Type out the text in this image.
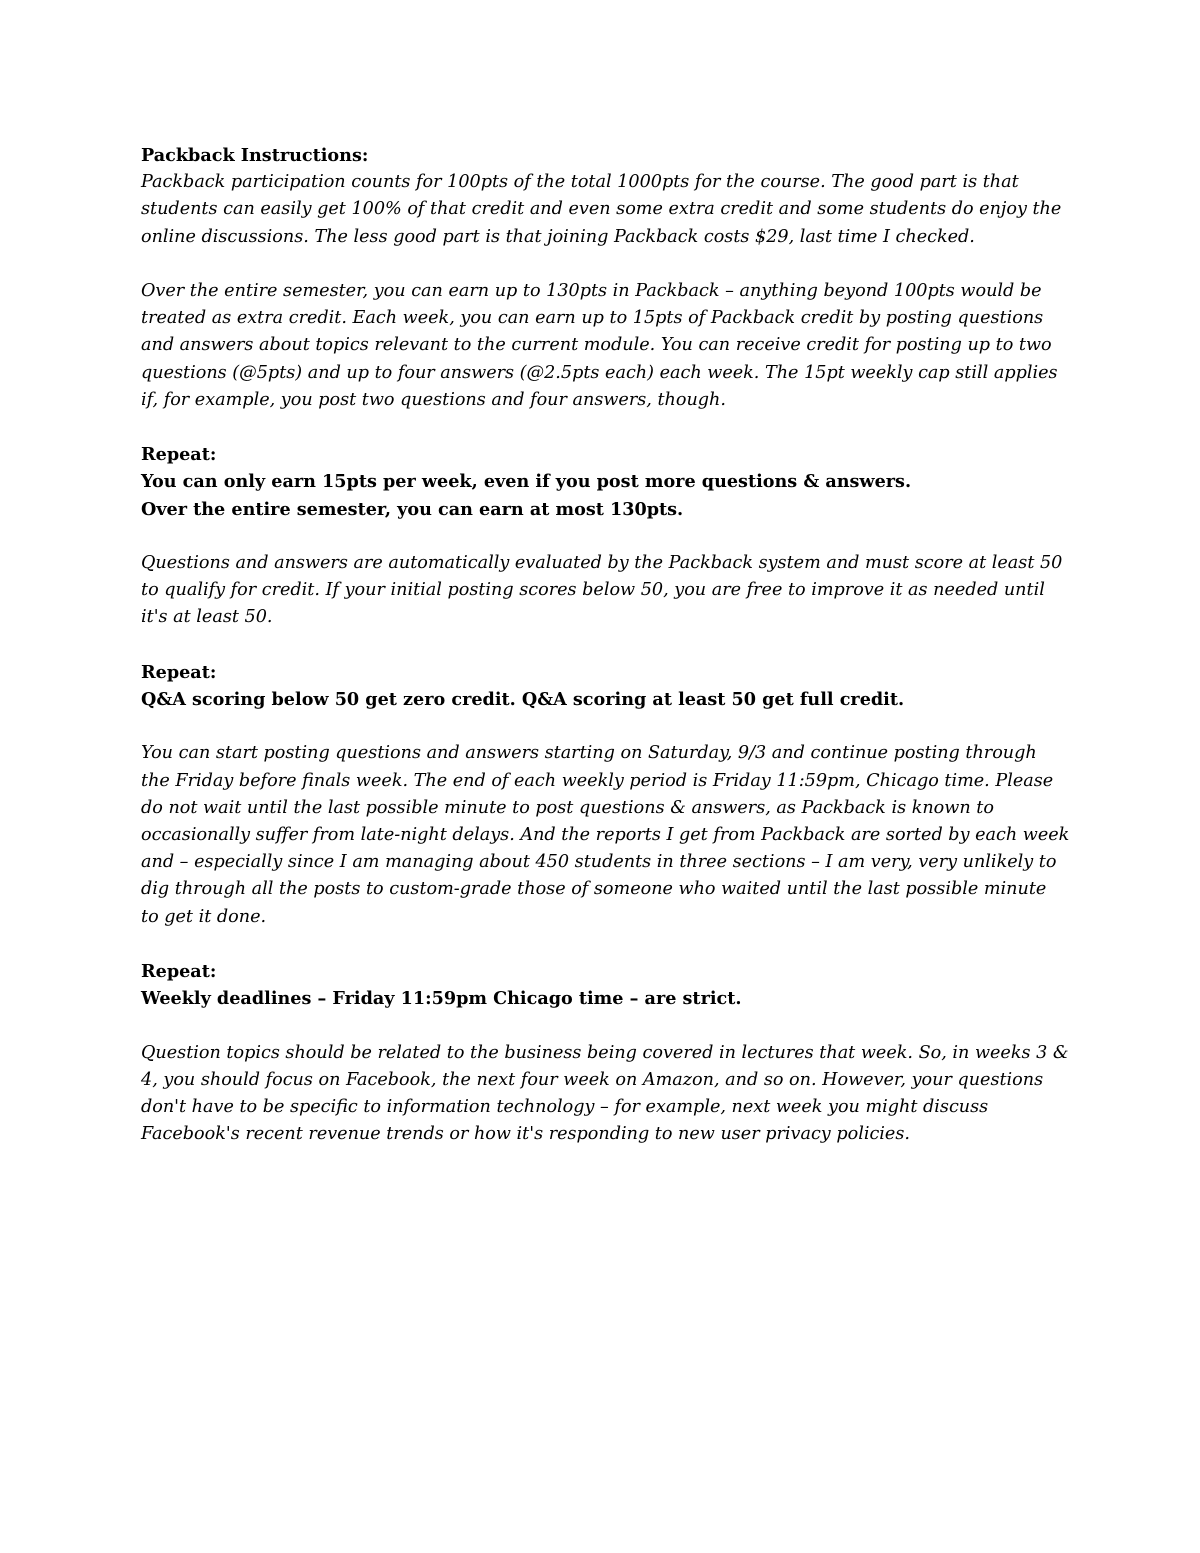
Packback Instructions:

Packback participation counts for 100pts of the total 1000pts for the course. The good part is that
students can easily get 100% of that credit and even some extra credit and some students do enjoy the
online discussions. The less good part is that joining Packback costs $29, last time I checked.

Over the entire semester, you can earn up to 130pts in Packback – anything beyond 100pts would be
treated as extra credit. Each week, you can earn up to 15pts of Packback credit by posting questions
and answers about topics relevant to the current module. You can receive credit for posting up to two
questions (@5pts) and up to four answers (@2.5pts each) each week. The 15pt weekly cap still applies
if, for example, you post two questions and four answers, though.

Repeat:

You can only earn 15pts per week, even if you post more questions & answers.
Over the entire semester, you can earn at most 130pts.

Questions and answers are automatically evaluated by the Packback system and must score at least 50
to qualify for credit. If your initial posting scores below 50, you are free to improve it as needed until
it's at least 50.

Repeat:

Q&A scoring below 50 get zero credit. Q&A scoring at least 50 get full credit.

You can start posting questions and answers starting on Saturday, 9/3 and continue posting through
the Friday before finals week. The end of each weekly period is Friday 11:59pm, Chicago time. Please
do not wait until the last possible minute to post questions & answers, as Packback is known to
occasionally suffer from late-night delays. And the reports I get from Packback are sorted by each week
and – especially since I am managing about 450 students in three sections – I am very, very unlikely to
dig through all the posts to custom-grade those of someone who waited until the last possible minute
to get it done.

Repeat:

Weekly deadlines – Friday 11:59pm Chicago time – are strict.

Question topics should be related to the business being covered in lectures that week. So, in weeks 3 &
4, you should focus on Facebook, the next four week on Amazon, and so on. However, your questions
don't have to be specific to information technology – for example, next week you might discuss
Facebook's recent revenue trends or how it's responding to new user privacy policies.
